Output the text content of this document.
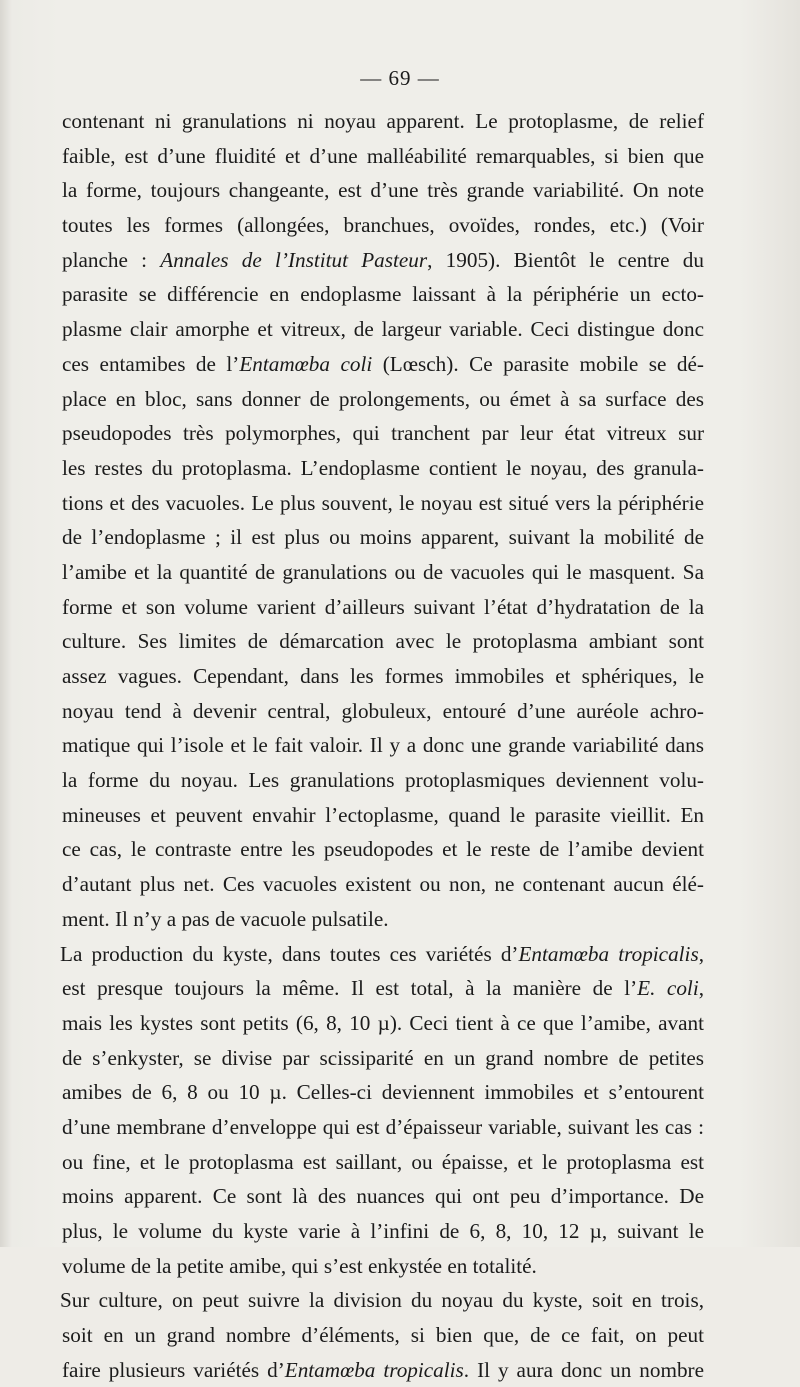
— 69 —
contenant ni granulations ni noyau apparent. Le protoplasme, de relief
faible, est d’une fluidité et d’une malléabilité remarquables, si bien que
la forme, toujours changeante, est d’une très grande variabilité. On note
toutes les formes (allongées, branchues, ovoïdes, rondes, etc.) (Voir
planche : Annales de l’Institut Pasteur, 1905). Bientôt le centre du
parasite se différencie en endoplasme laissant à la périphérie un ecto-
plasme clair amorphe et vitreux, de largeur variable. Ceci distingue donc
ces entamibes de l’Entamœba coli (Lœsch). Ce parasite mobile se dé-
place en bloc, sans donner de prolongements, ou émet à sa surface des
pseudopodes très polymorphes, qui tranchent par leur état vitreux sur
les restes du protoplasma. L’endoplasme contient le noyau, des granula-
tions et des vacuoles. Le plus souvent, le noyau est situé vers la périphérie
de l’endoplasme ; il est plus ou moins apparent, suivant la mobilité de
l’amibe et la quantité de granulations ou de vacuoles qui le masquent. Sa
forme et son volume varient d’ailleurs suivant l’état d’hydratation de la
culture. Ses limites de démarcation avec le protoplasma ambiant sont
assez vagues. Cependant, dans les formes immobiles et sphériques, le
noyau tend à devenir central, globuleux, entouré d’une auréole achro-
matique qui l’isole et le fait valoir. Il y a donc une grande variabilité dans
la forme du noyau. Les granulations protoplasmiques deviennent volu-
mineuses et peuvent envahir l’ectoplasme, quand le parasite vieillit. En
ce cas, le contraste entre les pseudopodes et le reste de l’amibe devient
d’autant plus net. Ces vacuoles existent ou non, ne contenant aucun élé-
ment. Il n’y a pas de vacuole pulsatile.
La production du kyste, dans toutes ces variétés d’Entamœba tropicalis,
est presque toujours la même. Il est total, à la manière de l’E. coli,
mais les kystes sont petits (6, 8, 10 µ). Ceci tient à ce que l’amibe, avant
de s’enkyster, se divise par scissiparité en un grand nombre de petites
amibes de 6, 8 ou 10 µ. Celles-ci deviennent immobiles et s’entourent
d’une membrane d’enveloppe qui est d’épaisseur variable, suivant les cas :
ou fine, et le protoplasma est saillant, ou épaisse, et le protoplasma est
moins apparent. Ce sont là des nuances qui ont peu d’importance. De
plus, le volume du kyste varie à l’infini de 6, 8, 10, 12 µ, suivant le
volume de la petite amibe, qui s’est enkystée en totalité.
Sur culture, on peut suivre la division du noyau du kyste, soit en trois,
soit en un grand nombre d’éléments, si bien que, de ce fait, on peut
faire plusieurs variétés d’Entamœba tropicalis. Il y aura donc un nombre
